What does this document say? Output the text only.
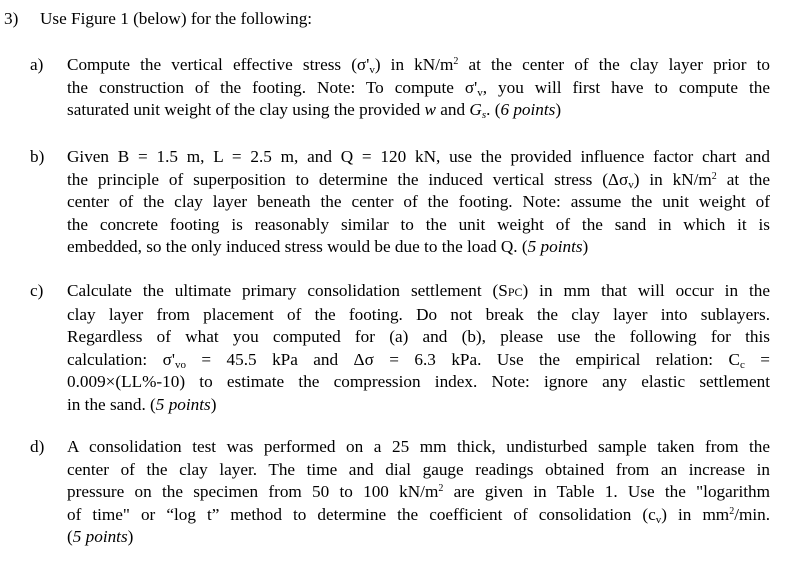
3) Use Figure 1 (below) for the following:
a)	Compute the vertical effective stress $(\sigma'_v)$ in $kN/m^2$ at the center of the clay layer prior to
the construction of the footing. Note: To compute $\sigma'_v$, you will first have to compute the
saturated unit weight of the clay using the provided w and $G_s$. (6 points)
b)	Given B = 1.5 m, L = 2.5 m, and Q = 120 kN, use the provided influence factor chart and
the principle of superposition to determine the induced vertical stress $(\Delta\sigma_v)$ in $kN/m^2$ at the
center of the clay layer beneath the center of the footing. Note: assume the unit weight of
the concrete footing is reasonably similar to the unit weight of the sand in which it is
embedded, so the only induced stress would be due to the load Q. (5 points)
c)	Calculate the ultimate primary consolidation settlement (SPC) in mm that will occur in the
clay layer from placement of the footing. Do not break the clay layer into sublayers.
Regardless of what you computed for (a) and (b), please use the following for this
calculation: $\sigma'_{vo} = 45.5$ kPa and Δσ = 6.3 kPa. Use the empirical relation: $C_c$ =
0.009×(LL%-10) to estimate the compression index. Note: ignore any elastic settlement
in the sand. (5 points)
d)	A consolidation test was performed on a 25 mm thick, undisturbed sample taken from the
center of the clay layer. The time and dial gauge readings obtained from an increase in
pressure on the specimen from 50 to 100 $kN/m^2$ are given in Table 1. Use the "logarithm
of time" or “log t” method to determine the coefficient of consolidation $(c_v)$ in $mm^2/\min$.
(5 points)
